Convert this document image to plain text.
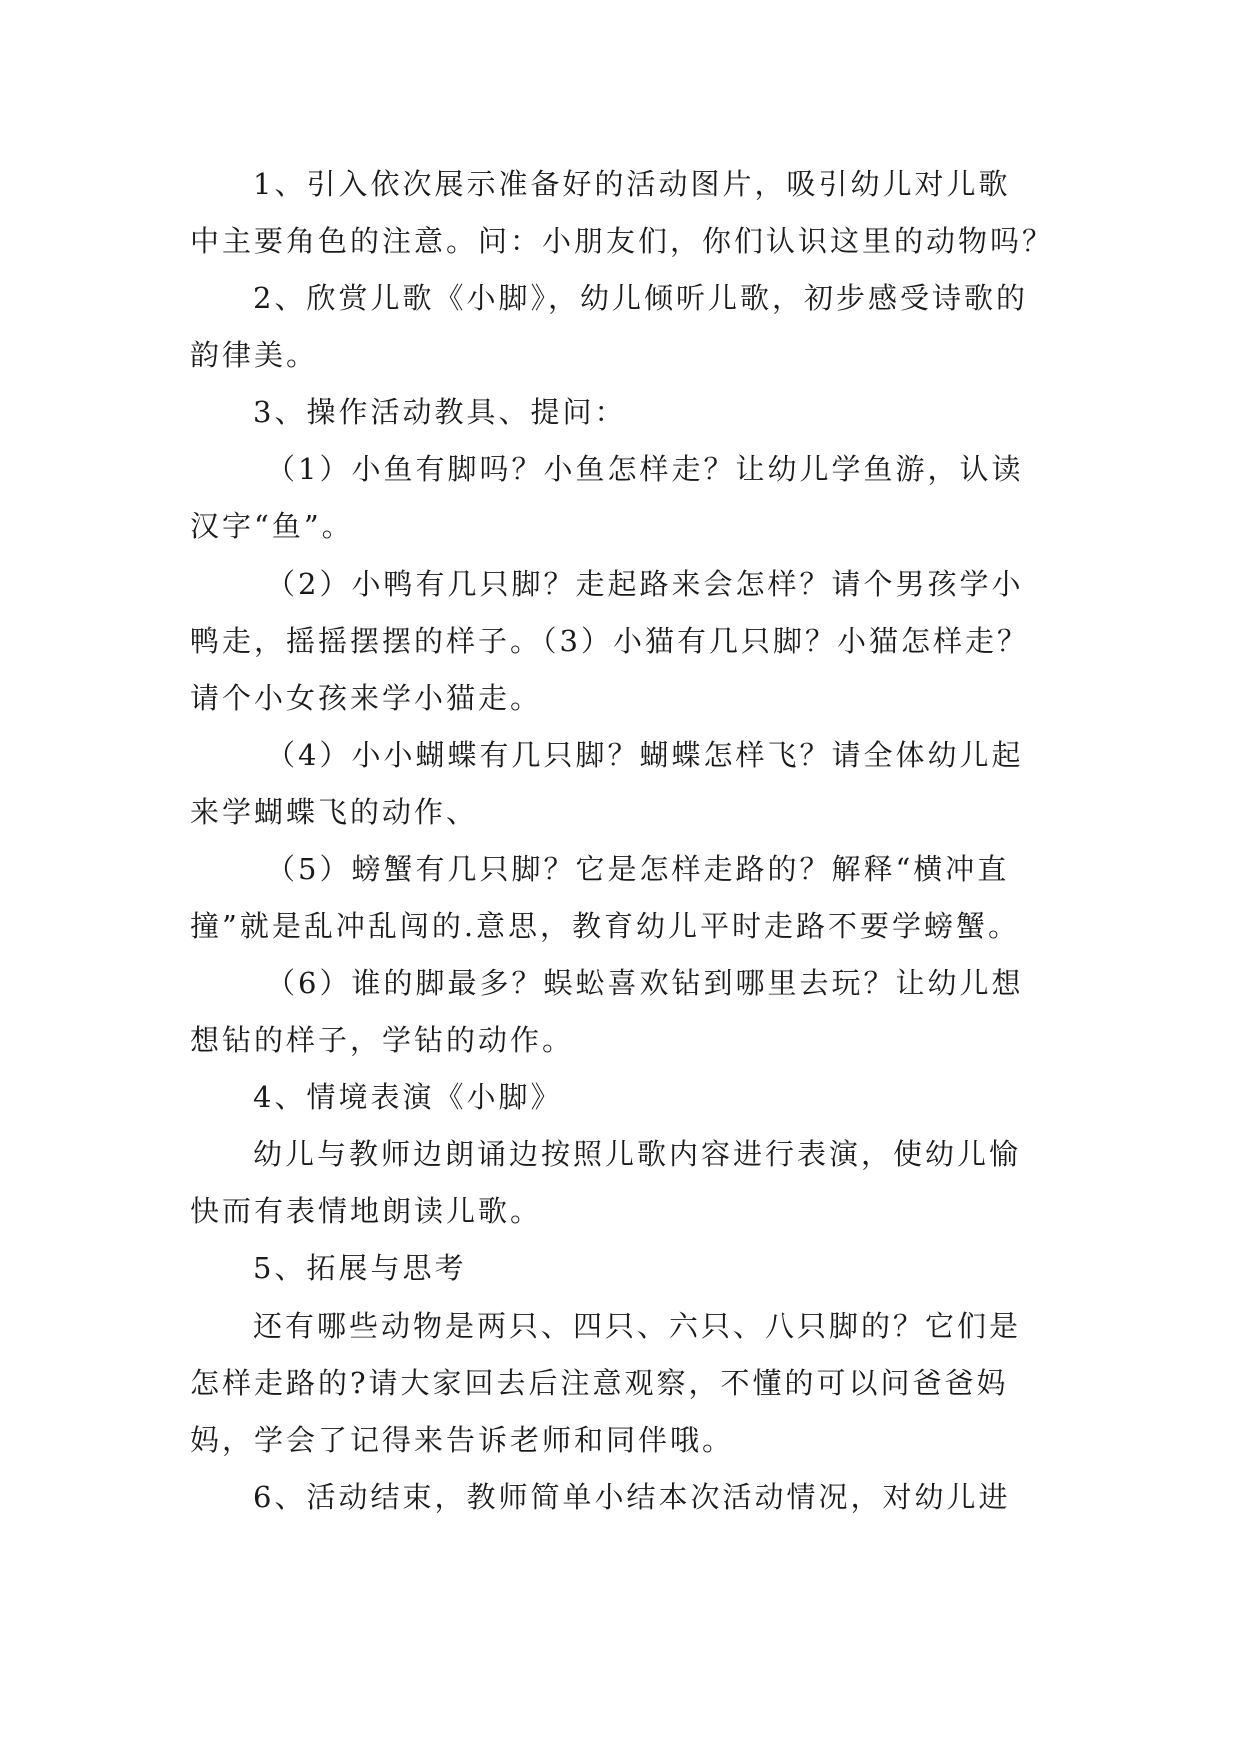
1、引入依次展示准备好的活动图片，吸引幼儿对儿歌
中主要角色的注意。问：小朋友们，你们认识这里的动物吗？
2、欣赏儿歌《小脚》，幼儿倾听儿歌，初步感受诗歌的
韵律美。
3、操作活动教具、提问：
（1）小鱼有脚吗？小鱼怎样走？让幼儿学鱼游，认读
汉字“鱼”。
（2）小鸭有几只脚？走起路来会怎样？请个男孩学小
鸭走，摇摇摆摆的样子。（3）小猫有几只脚？小猫怎样走？
请个小女孩来学小猫走。
（4）小小蝴蝶有几只脚？蝴蝶怎样飞？请全体幼儿起
来学蝴蝶飞的动作、
（5）螃蟹有几只脚？它是怎样走路的？解释“横冲直
撞”就是乱冲乱闯的.意思，教育幼儿平时走路不要学螃蟹。
（6）谁的脚最多？蜈蚣喜欢钻到哪里去玩？让幼儿想
想钻的样子，学钻的动作。
4、情境表演《小脚》
幼儿与教师边朗诵边按照儿歌内容进行表演，使幼儿愉
快而有表情地朗读儿歌。
5、拓展与思考
还有哪些动物是两只、四只、六只、八只脚的？它们是
怎样走路的?请大家回去后注意观察，不懂的可以问爸爸妈
妈，学会了记得来告诉老师和同伴哦。
6、活动结束，教师简单小结本次活动情况，对幼儿进
